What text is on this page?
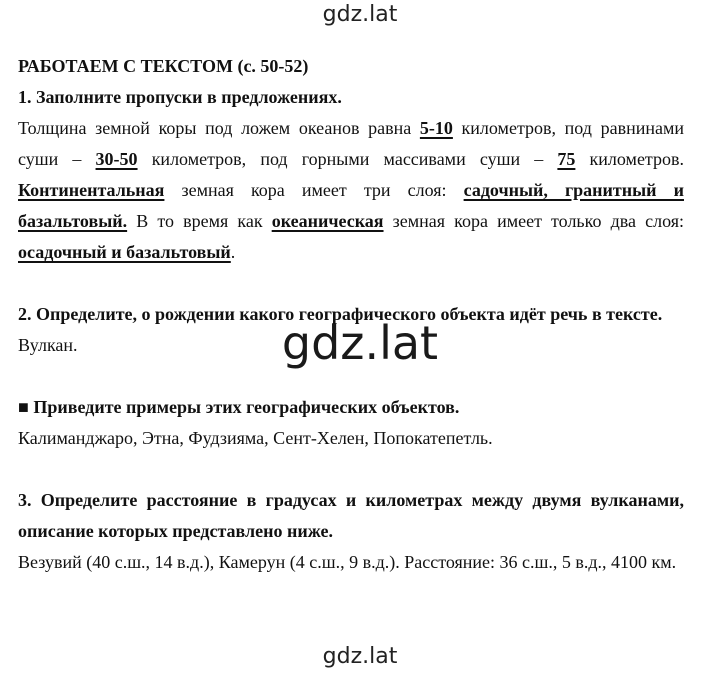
gdz.lat
gdz.lat
gdz.lat

РАБОТАЕМ С ТЕКСТОМ (с. 50-52)

1. Заполните пропуски в предложениях.

Толщина земной коры под ложем океанов равна 5-10 километров, под равнинами суши – 30-50 километров, под горными массивами суши – 75 километров. Континентальная земная кора имеет три слоя: садочный, гранитный и базальтовый. В то время как океаническая земная кора имеет только два слоя: осадочный и базальтовый.

2. Определите, о рождении какого географического объекта идёт речь в тексте.

Вулкан.

■ Приведите примеры этих географических объектов.

Калиманджаро, Этна, Фудзияма, Сент-Хелен, Попокатепетль.

3. Определите расстояние в градусах и километрах между двумя вулканами, описание которых представлено ниже.

Везувий (40 с.ш., 14 в.д.), Камерун (4 с.ш., 9 в.д.). Расстояние: 36 с.ш., 5 в.д., 4100 км.
